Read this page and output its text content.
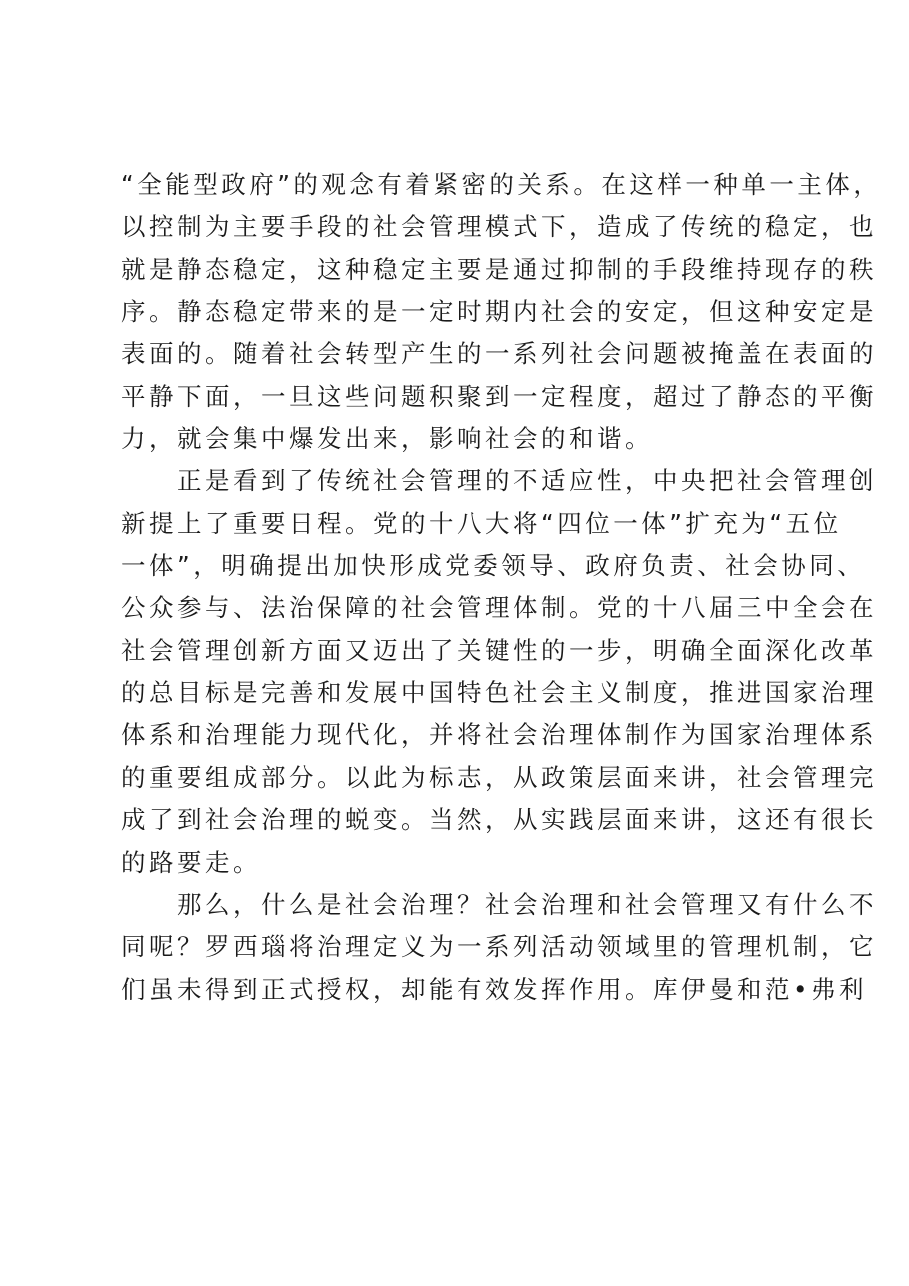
“全能型政府”的观念有着紧密的关系。在这样一种单一主体，
以控制为主要手段的社会管理模式下，造成了传统的稳定，也
就是静态稳定，这种稳定主要是通过抑制的手段维持现存的秩
序。静态稳定带来的是一定时期内社会的安定，但这种安定是
表面的。随着社会转型产生的一系列社会问题被掩盖在表面的
平静下面，一旦这些问题积聚到一定程度，超过了静态的平衡
力，就会集中爆发出来，影响社会的和谐。
　　正是看到了传统社会管理的不适应性，中央把社会管理创
新提上了重要日程。党的十八大将“四位一体”扩充为“五位
一体”，明确提出加快形成党委领导、政府负责、社会协同、
公众参与、法治保障的社会管理体制。党的十八届三中全会在
社会管理创新方面又迈出了关键性的一步，明确全面深化改革
的总目标是完善和发展中国特色社会主义制度，推进国家治理
体系和治理能力现代化，并将社会治理体制作为国家治理体系
的重要组成部分。以此为标志，从政策层面来讲，社会管理完
成了到社会治理的蜕变。当然，从实践层面来讲，这还有很长
的路要走。
　　那么，什么是社会治理？社会治理和社会管理又有什么不
同呢？罗西瑙将治理定义为一系列活动领域里的管理机制，它
们虽未得到正式授权，却能有效发挥作用。库伊曼和范•弗利
